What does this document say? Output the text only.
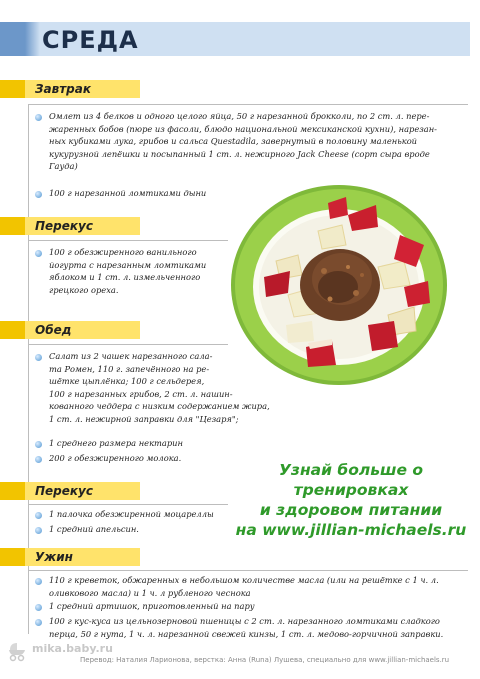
СРЕДА
Завтрак
Омлет из 4 белков и одного целого яйца, 50 г нарезанной брокколи, по 2 ст. л. пере-
жаренных бобов (пюре из фасоли, блюдо национальной мексиканской кухни), нарезан-
ных кубиками лука, грибов и сальса Questadila, завернутый в половину маленькой
кукурузной лепёшки и посыпанный 1 ст. л. нежирного Jack Cheese (сорт сыра вроде
Гауда)
100 г нарезанной ломтиками дыни
Перекус
100 г обезжиренного ванильного
йогурта с нарезанным ломтиками
яблоком и 1 ст. л. измельченного
грецкого ореха.
Обед
Салат из 2 чашек нарезанного сала-
та Ромен, 110 г. запечённого на ре-
шётке цыплёнка; 100 г сельдерея,
100 г нарезанных грибов, 2 ст. л. нашин-
кованного чеддера с низким содержанием жира,
1 ст. л. нежирной заправки для "Цезаря";
1 среднего размера нектарин
200 г обезжиренного молока.
Узнай больше о тренировках
и здоровом питании
на www.jillian-michaels.ru
Перекус
1 палочка обезжиренной моцареллы
1 средний апельсин.
Ужин
110 г креветок, обжаренных в небольшом количестве масла (или на решётке с 1 ч. л.
оливкового масла) и 1 ч. л рубленого чеснока
1 средний артишок, приготовленный на пару
100 г кус-куса из цельнозерновой пшеницы с 2 ст. л. нарезанного ломтиками сладкого
перца, 50 г нута, 1 ч. л. нарезанной свежей кинзы, 1 ст. л. медово-горчичной заправки.
mika.baby.ru
Перевод: Наталия Ларионова, верстка: Анна (Runa) Лушева, специально для www.jillian-michaels.ru
